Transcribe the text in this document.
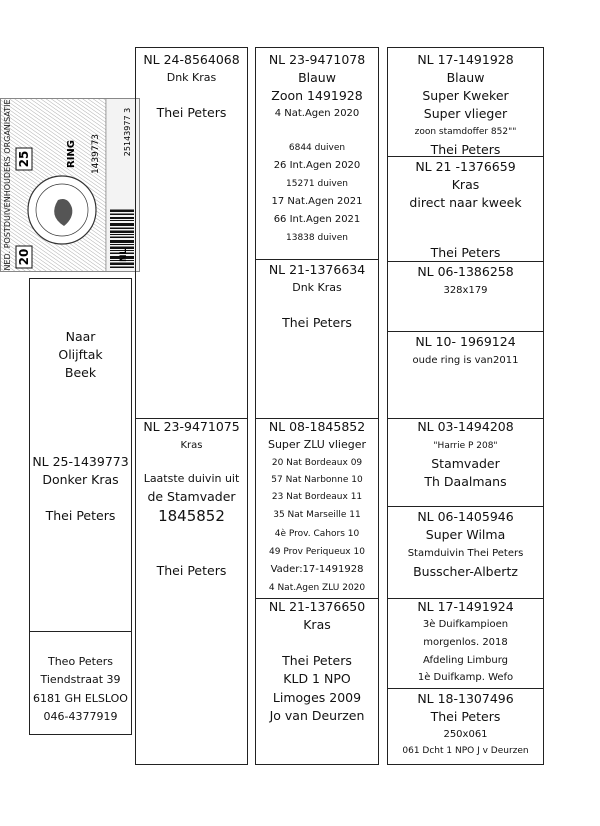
20
25
NED. POSTDUIVENHOUDERS ORGANISATIE	RING 1439773
NL
25143977 3
Naar
Olijftak
Beek
NL 25-1439773
Donker Kras
Thei Peters
Theo Peters
Tiendstraat 39
6181 GH ELSLOO
046-4377919
NL 24-8564068
Dnk Kras
Thei Peters
NL 23-9471075
Kras
Laatste duivin uit
de Stamvader
1845852
Thei Peters
NL 23-9471078
Blauw
Zoon 1491928
4 Nat.Agen 2020
6844 duiven
26 Int.Agen 2020
15271 duiven
17 Nat.Agen 2021
66 Int.Agen 2021
13838 duiven
NL 21-1376634
Dnk Kras
Thei Peters
NL 08-1845852
Super ZLU vlieger
20 Nat Bordeaux 09
57 Nat Narbonne 10
23 Nat Bordeaux 11
35 Nat Marseille 11
4è Prov. Cahors 10
49 Prov Periqueux 10
Vader:17-1491928
4 Nat.Agen ZLU 2020
NL 21-1376650
Kras
Thei Peters
KLD 1 NPO
Limoges 2009
Jo van Deurzen
NL 17-1491928
Blauw
Super Kweker
Super vlieger
zoon stamdoffer 852""
Thei Peters
NL 21 -1376659
Kras
direct naar kweek
Thei Peters
NL 06-1386258
328x179
NL 10- 1969124
oude ring is van2011
NL 03-1494208
"Harrie P 208"
Stamvader
Th Daalmans
NL 06-1405946
Super Wilma
Stamduivin Thei Peters
Busscher-Albertz
NL 17-1491924
3è Duifkampioen
morgenlos. 2018
Afdeling Limburg
1è Duifkamp. Wefo
NL 18-1307496
Thei Peters
250x061
061 Dcht 1 NPO J v Deurzen
